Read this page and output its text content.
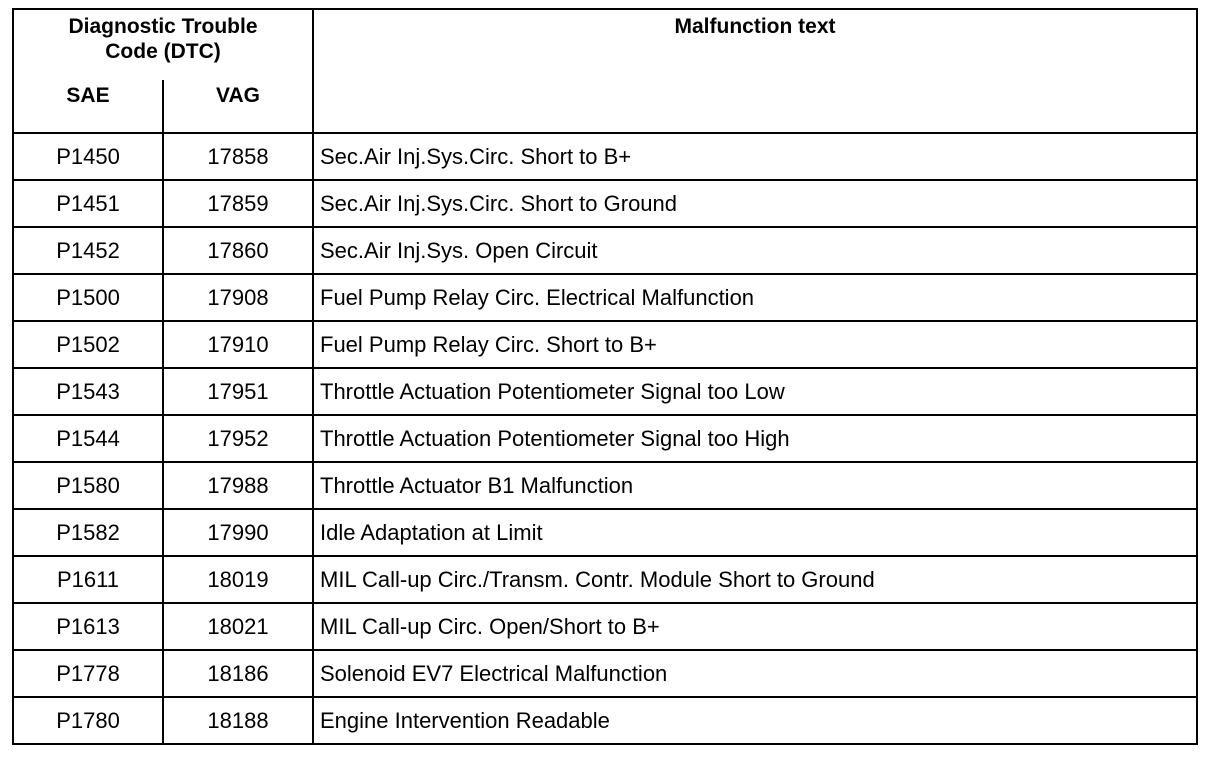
Diagnostic Trouble
Code (DTC)		Malfunction text
SAE	VAG	
P1450	17858	Sec.Air Inj.Sys.Circ. Short to B+
P1451	17859	Sec.Air Inj.Sys.Circ. Short to Ground
P1452	17860	Sec.Air Inj.Sys. Open Circuit
P1500	17908	Fuel Pump Relay Circ. Electrical Malfunction
P1502	17910	Fuel Pump Relay Circ. Short to B+
P1543	17951	Throttle Actuation Potentiometer Signal too Low
P1544	17952	Throttle Actuation Potentiometer Signal too High
P1580	17988	Throttle Actuator B1 Malfunction
P1582	17990	Idle Adaptation at Limit
P1611	18019	MIL Call-up Circ./Transm. Contr. Module Short to Ground
P1613	18021	MIL Call-up Circ. Open/Short to B+
P1778	18186	Solenoid EV7 Electrical Malfunction
P1780	18188	Engine Intervention Readable
